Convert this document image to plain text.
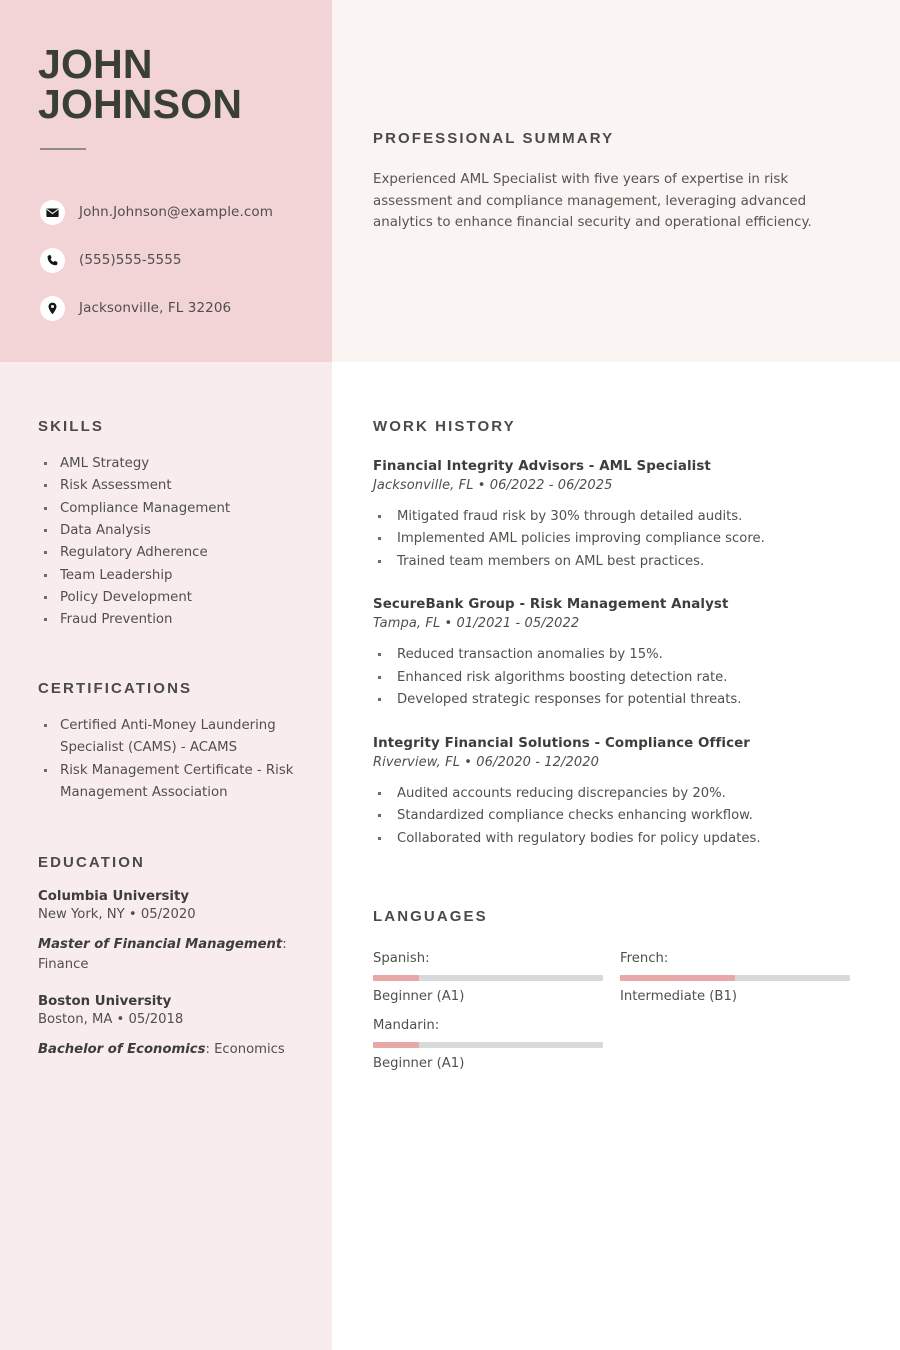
JOHN
JOHNSON
John.Johnson@example.com
(555)555-5555
Jacksonville, FL 32206
PROFESSIONAL SUMMARY

Experienced AML Specialist with five years of expertise in risk assessment and compliance management, leveraging advanced analytics to enhance financial security and operational efficiency.

SKILLS
AML Strategy
Risk Assessment
Compliance Management
Data Analysis
Regulatory Adherence
Team Leadership
Policy Development
Fraud Prevention
CERTIFICATIONS
Certified Anti-Money Laundering Specialist (CAMS) - ACAMS
Risk Management Certificate - Risk Management Association
EDUCATION
Columbia University
New York, NY • 05/2020
Master of Financial Management: Finance
Boston University
Boston, MA • 05/2018
Bachelor of Economics: Economics
WORK HISTORY
Financial Integrity Advisors - AML Specialist
Jacksonville, FL • 06/2022 - 06/2025
Mitigated fraud risk by 30% through detailed audits.
Implemented AML policies improving compliance score.
Trained team members on AML best practices.
SecureBank Group - Risk Management Analyst
Tampa, FL • 01/2021 - 05/2022
Reduced transaction anomalies by 15%.
Enhanced risk algorithms boosting detection rate.
Developed strategic responses for potential threats.
Integrity Financial Solutions - Compliance Officer
Riverview, FL • 06/2020 - 12/2020
Audited accounts reducing discrepancies by 20%.
Standardized compliance checks enhancing workflow.
Collaborated with regulatory bodies for policy updates.
LANGUAGES
Spanish:
Beginner (A1)
French:
Intermediate (B1)
Mandarin:
Beginner (A1)
